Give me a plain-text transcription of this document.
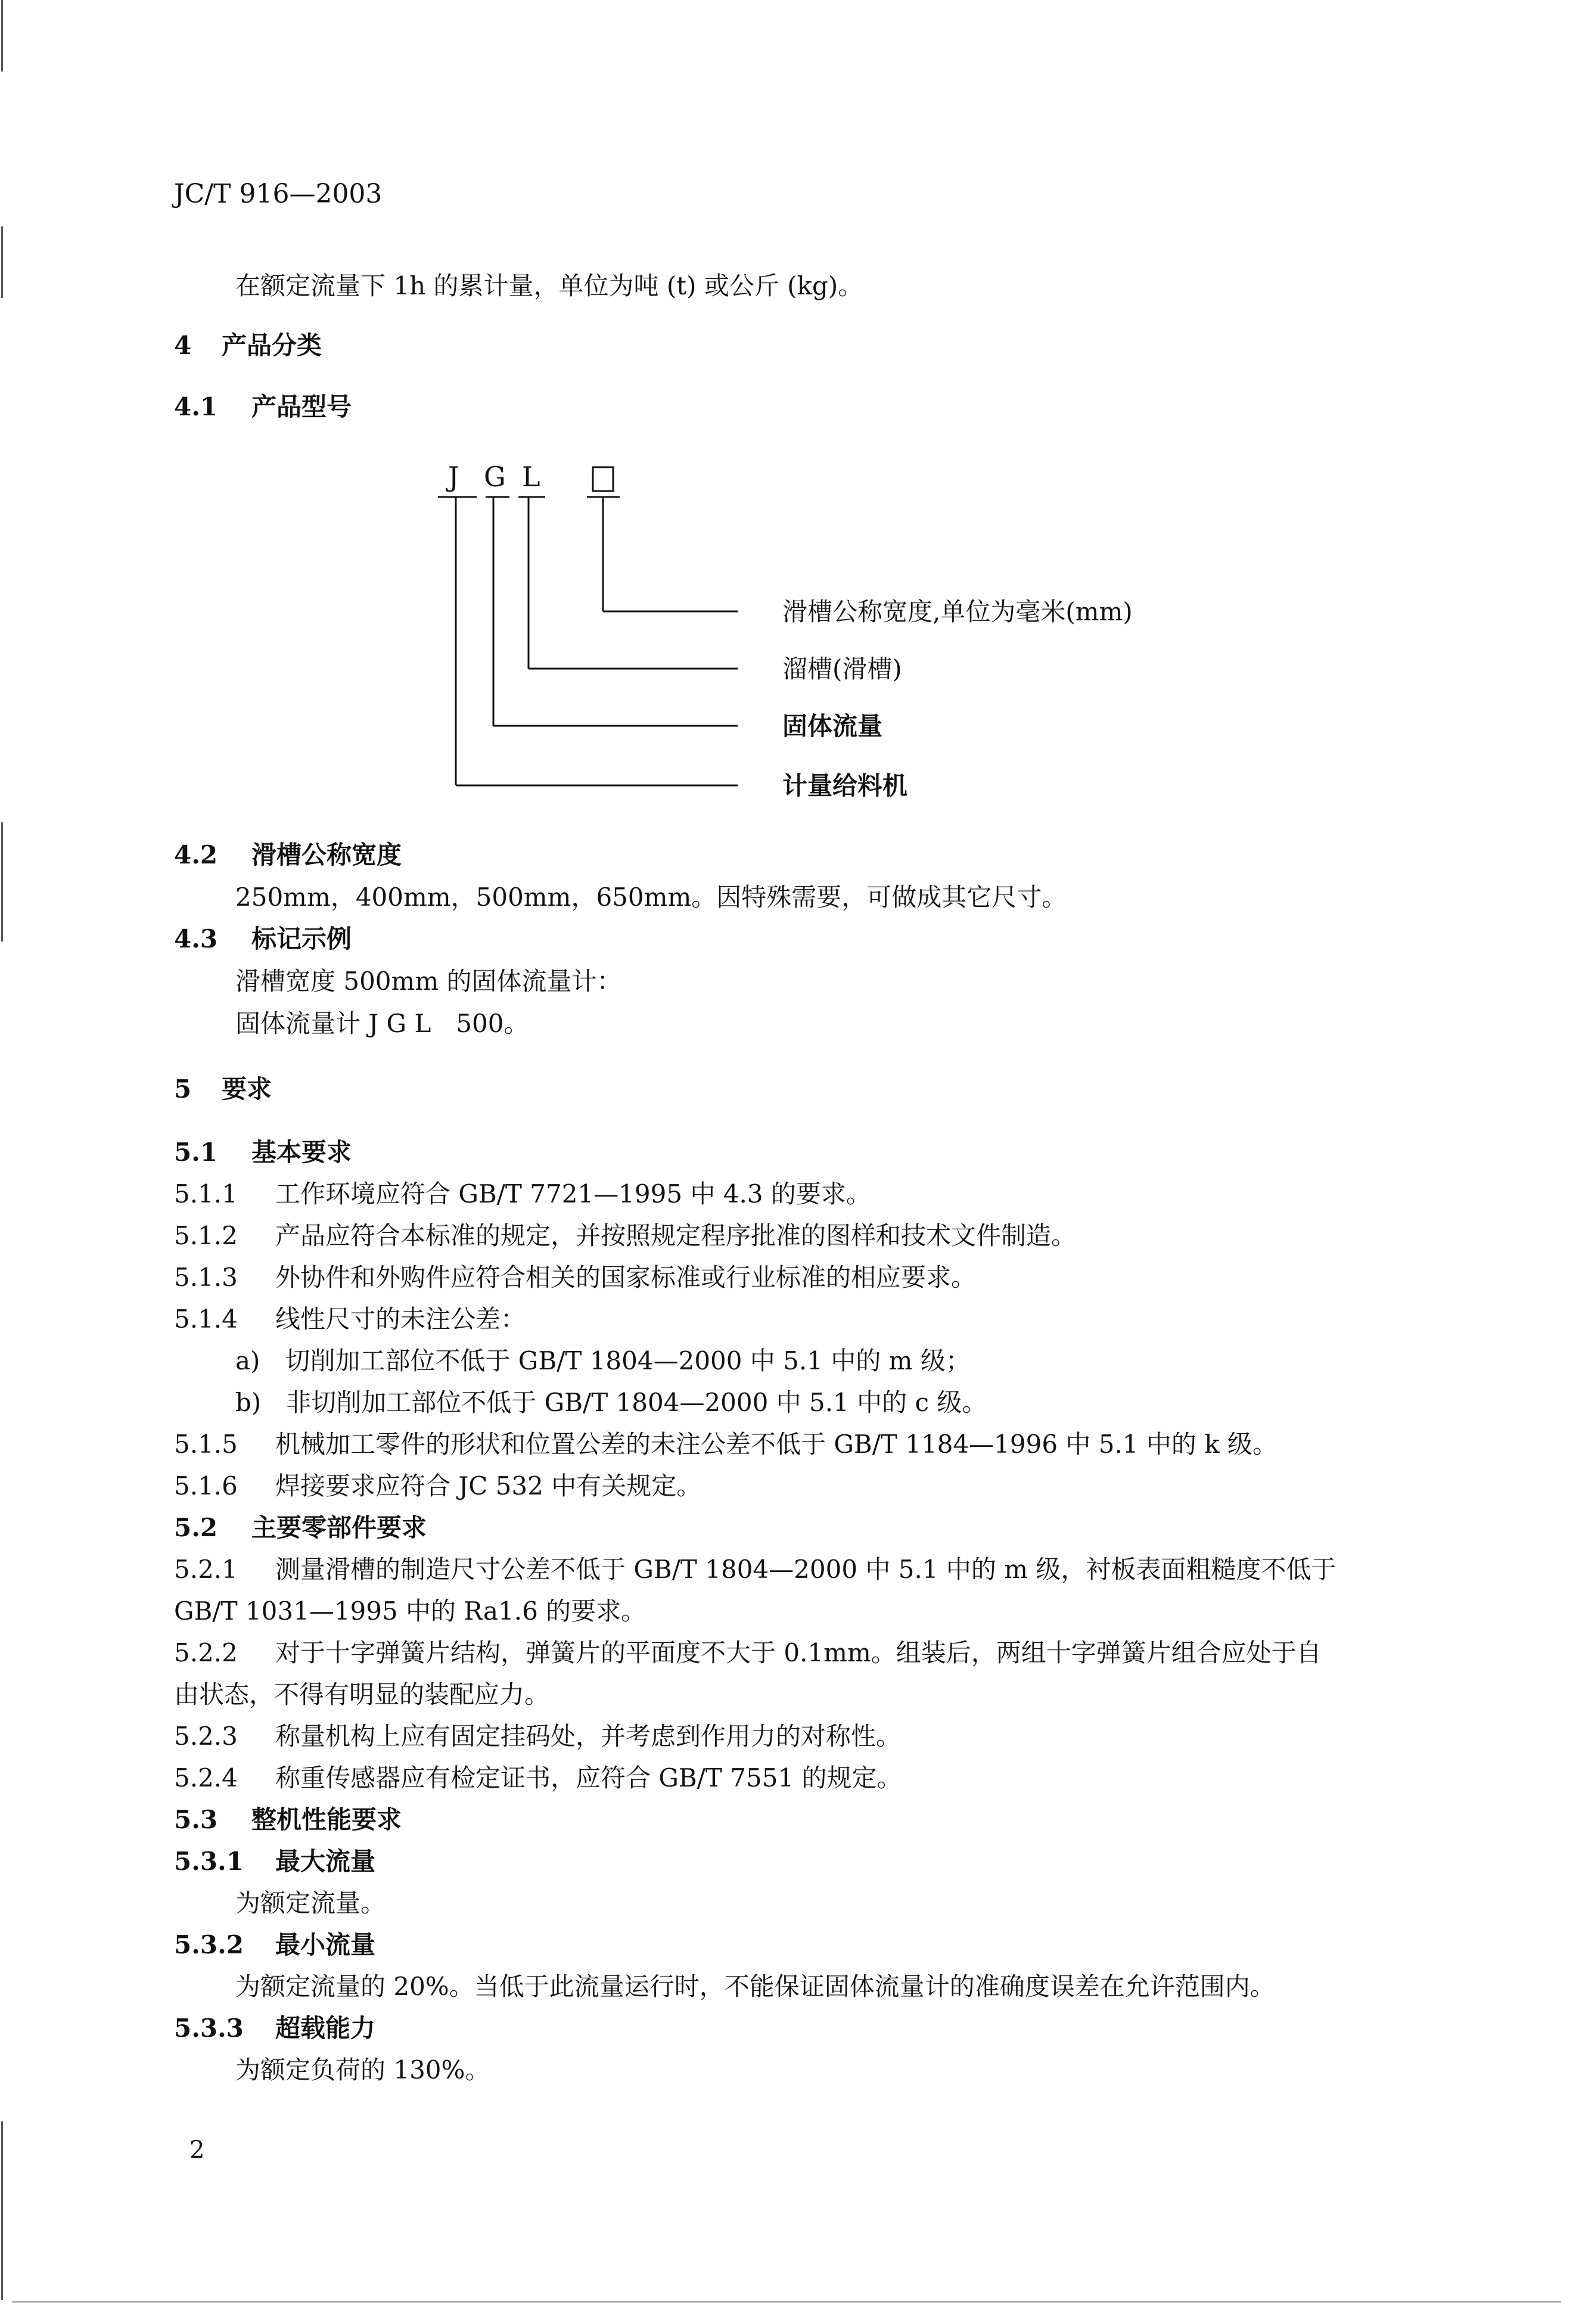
JC/T 916—2003
在额定流量下 1h 的累计量，单位为吨 (t) 或公斤 (kg)。
4 产品分类
4.1 产品型号
J G L
滑槽公称宽度,单位为毫米(mm)
溜槽(滑槽)
固体流量
计量给料机
4.2 滑槽公称宽度
250mm，400mm，500mm，650mm。因特殊需要，可做成其它尺寸。
4.3 标记示例
滑槽宽度 500mm 的固体流量计：
固体流量计 J G L　500。
5 要求
5.1 基本要求
5.1.1 工作环境应符合 GB/T 7721—1995 中 4.3 的要求。
5.1.2 产品应符合本标准的规定，并按照规定程序批准的图样和技术文件制造。
5.1.3 外协件和外购件应符合相关的国家标准或行业标准的相应要求。
5.1.4 线性尺寸的未注公差：
a)　切削加工部位不低于 GB/T 1804—2000 中 5.1 中的 m 级；
b)　非切削加工部位不低于 GB/T 1804—2000 中 5.1 中的 c 级。
5.1.5 机械加工零件的形状和位置公差的未注公差不低于 GB/T 1184—1996 中 5.1 中的 k 级。
5.1.6 焊接要求应符合 JC 532 中有关规定。
5.2 主要零部件要求
5.2.1 测量滑槽的制造尺寸公差不低于 GB/T 1804—2000 中 5.1 中的 m 级，衬板表面粗糙度不低于
GB/T 1031—1995 中的 Ra1.6 的要求。
5.2.2 对于十字弹簧片结构，弹簧片的平面度不大于 0.1mm。组装后，两组十字弹簧片组合应处于自
由状态，不得有明显的装配应力。
5.2.3 称量机构上应有固定挂码处，并考虑到作用力的对称性。
5.2.4 称重传感器应有检定证书，应符合 GB/T 7551 的规定。
5.3 整机性能要求
5.3.1 最大流量
为额定流量。
5.3.2 最小流量
为额定流量的 20%。当低于此流量运行时，不能保证固体流量计的准确度误差在允许范围内。
5.3.3 超载能力
为额定负荷的 130%。
2
